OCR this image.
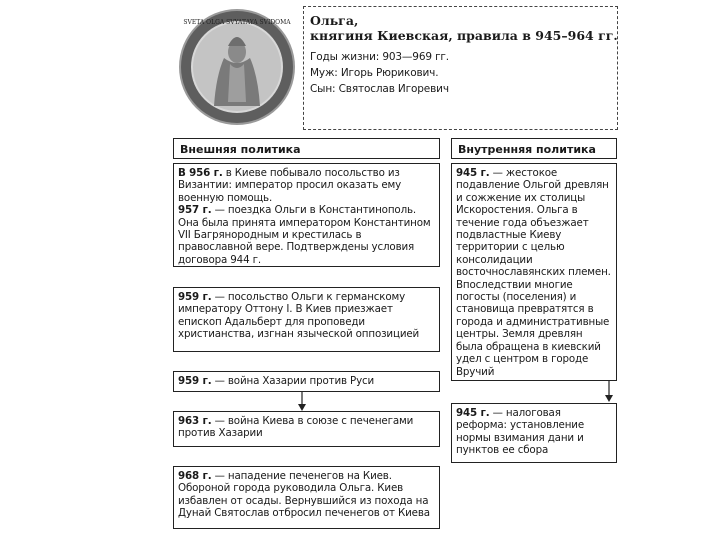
SVETA OLGA SVYATAYA SVIDOMA Ольга,
княгиня Киевская, правила в 945–964 гг.
Годы жизни: 903—969 гг.
Муж: Игорь Рюрикович.
Сын: Святослав Игоревич
Внешняя политика	Внутренняя политика
В 956 г. в Киеве побывало посольство из Византии: император просил оказать ему военную помощь.
957 г. — поездка Ольги в Константинополь. Она была принята императором Константином VII Багрянородным и крестилась в православной вере. Подтверждены условия договора 944 г.
959 г. — посольство Ольги к германскому императору Оттону I. В Киев приезжает епископ Адальберт для проповеди христианства, изгнан языческой оппозицией
959 г. — война Хазарии против Руси
963 г. — война Киева в союзе с печенегами против Хазарии
968 г. — нападение печенегов на Киев. Обороной города руководила Ольга. Киев избавлен от осады. Вернувшийся из похода на Дунай Святослав отбросил печенегов от Киева
945 г. — жестокое подавление Ольгой древлян и сожжение их столицы Искоростения. Ольга в течение года объезжает подвластные Киеву территории с целью консолидации восточнославянских племен. Впоследствии многие погосты (поселения) и становища превратятся в города и административные центры. Земля древлян была обращена в киевский удел с центром в городе Вручий
945 г. — налоговая реформа: установление нормы взимания дани и пунктов ее сбора
